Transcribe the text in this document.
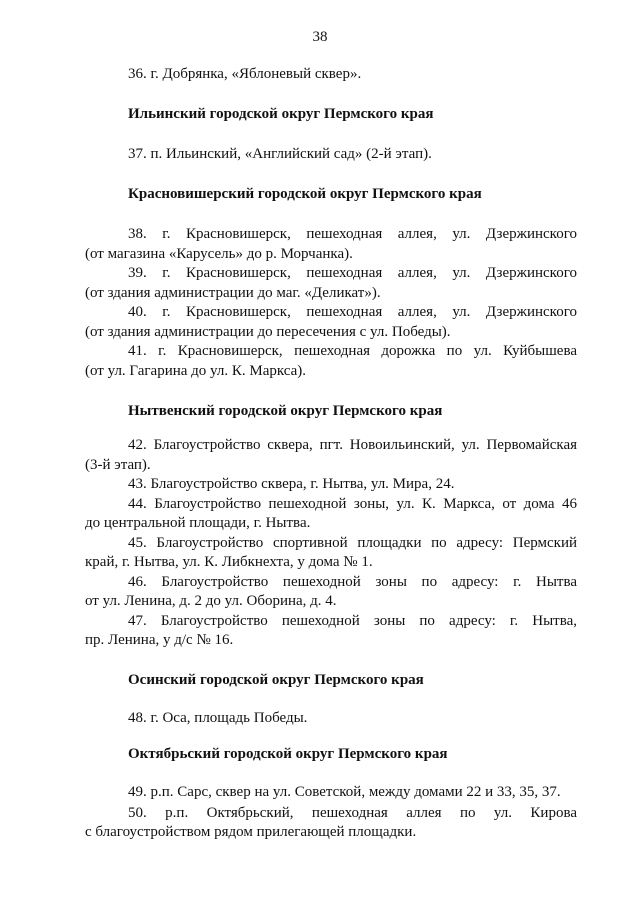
38
36. г. Добрянка, «Яблоневый сквер».
Ильинский городской округ Пермского края
37. п. Ильинский, «Английский сад» (2-й этап).
Красновишерский городской округ Пермского края
38. г. Красновишерск, пешеходная аллея, ул. Дзержинского
(от магазина «Карусель» до р. Морчанка).
39. г. Красновишерск, пешеходная аллея, ул. Дзержинского
(от здания администрации до маг. «Деликат»).
40. г. Красновишерск, пешеходная аллея, ул. Дзержинского
(от здания администрации до пересечения с ул. Победы).
41. г. Красновишерск, пешеходная дорожка по ул. Куйбышева
(от ул. Гагарина до ул. К. Маркса).
Нытвенский городской округ Пермского края
42. Благоустройство сквера, пгт. Новоильинский, ул. Первомайская
(3-й этап).
43. Благоустройство сквера, г. Нытва, ул. Мира, 24.
44. Благоустройство пешеходной зоны, ул. К. Маркса, от дома 46
до центральной площади, г. Нытва.
45. Благоустройство спортивной площадки по адресу: Пермский
край, г. Нытва, ул. К. Либкнехта, у дома № 1.
46. Благоустройство пешеходной зоны по адресу: г. Нытва
от ул. Ленина, д. 2 до ул. Оборина, д. 4.
47. Благоустройство пешеходной зоны по адресу: г. Нытва,
пр. Ленина, у д/с № 16.
Осинский городской округ Пермского края
48. г. Оса, площадь Победы.
Октябрьский городской округ Пермского края
49. р.п. Сарс, сквер на ул. Советской, между домами 22 и 33, 35, 37.
50. р.п. Октябрьский, пешеходная аллея по ул. Кирова
с благоустройством рядом прилегающей площадки.
